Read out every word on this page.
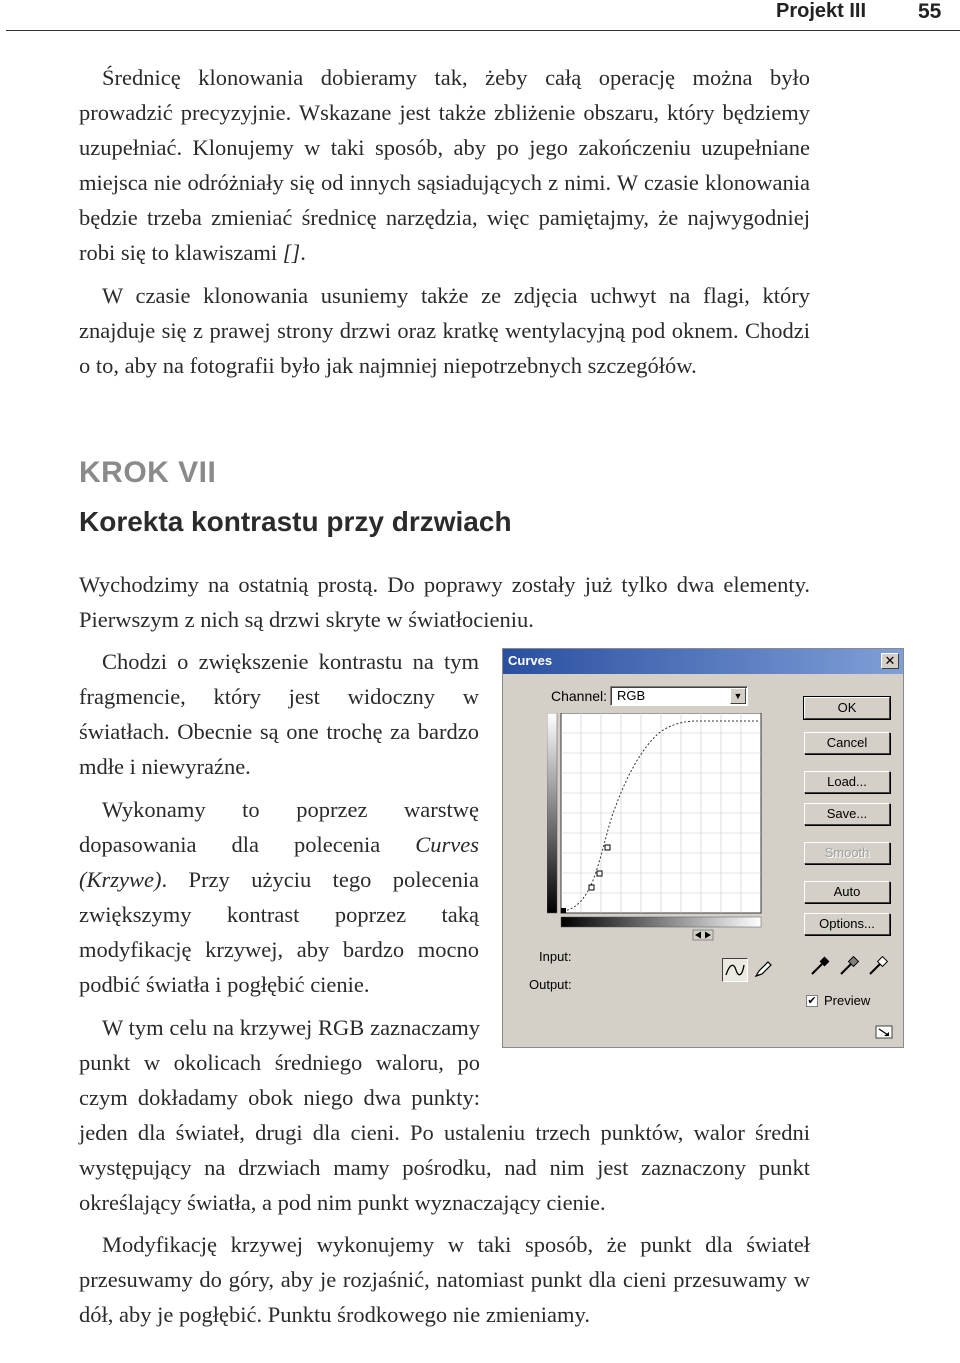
Projekt III 55

Średnicę klonowania dobieramy tak, żeby całą operację można było prowadzić precyzyjnie. Wskazane jest także zbliżenie obszaru, który będziemy uzupełniać. Klonujemy w taki sposób, aby po jego zakończeniu uzupełniane miejsca nie odróżniały się od innych sąsiadujących z nimi. W czasie klonowania będzie trzeba zmieniać średnicę narzędzia, więc pamiętajmy, że najwygodniej robi się to klawiszami [].

W czasie klonowania usuniemy także ze zdjęcia uchwyt na flagi, który znajduje się z prawej strony drzwi oraz kratkę wentylacyjną pod oknem. Chodzi o to, aby na fotografii było jak najmniej niepotrzebnych szczegółów.

KROK VII
Korekta kontrastu przy drzwiach

Wychodzimy na ostatnią prostą. Do poprawy zostały już tylko dwa elementy. Pierwszym z nich są drzwi skryte w światłocieniu.

Chodzi o zwiększenie kontrastu na tym fragmencie, który jest widoczny w światłach. Obecnie są one trochę za bardzo mdłe i niewyraźne.

Wykonamy to poprzez warstwę dopasowania dla polecenia Curves (Krzywe). Przy użyciu tego polecenia zwiększymy kontrast poprzez taką modyfikację krzywej, aby bardzo mocno podbić światła i pogłębić cienie.

W tym celu na krzywej RGB zaznaczamy punkt w okolicach średniego waloru, po czym dokładamy obok niego dwa punkty: jeden dla świateł, drugi dla cieni. Po ustaleniu trzech punktów, walor średni występujący na drzwiach mamy pośrodku, nad nim jest zaznaczony punkt określający światła, a pod nim punkt wyznaczający cienie.

Modyfikację krzywej wykonujemy w taki sposób, że punkt dla świateł przesuwamy do góry, aby je rozjaśnić, natomiast punkt dla cieni przesuwamy w dół, aby je pogłębić. Punktu środkowego nie zmieniamy.

Curves	✕
Channel: RGB	▼
OK
Cancel
Load...
Save...
Smooth
Auto
Options...
Input:
Output:
✔ Preview
